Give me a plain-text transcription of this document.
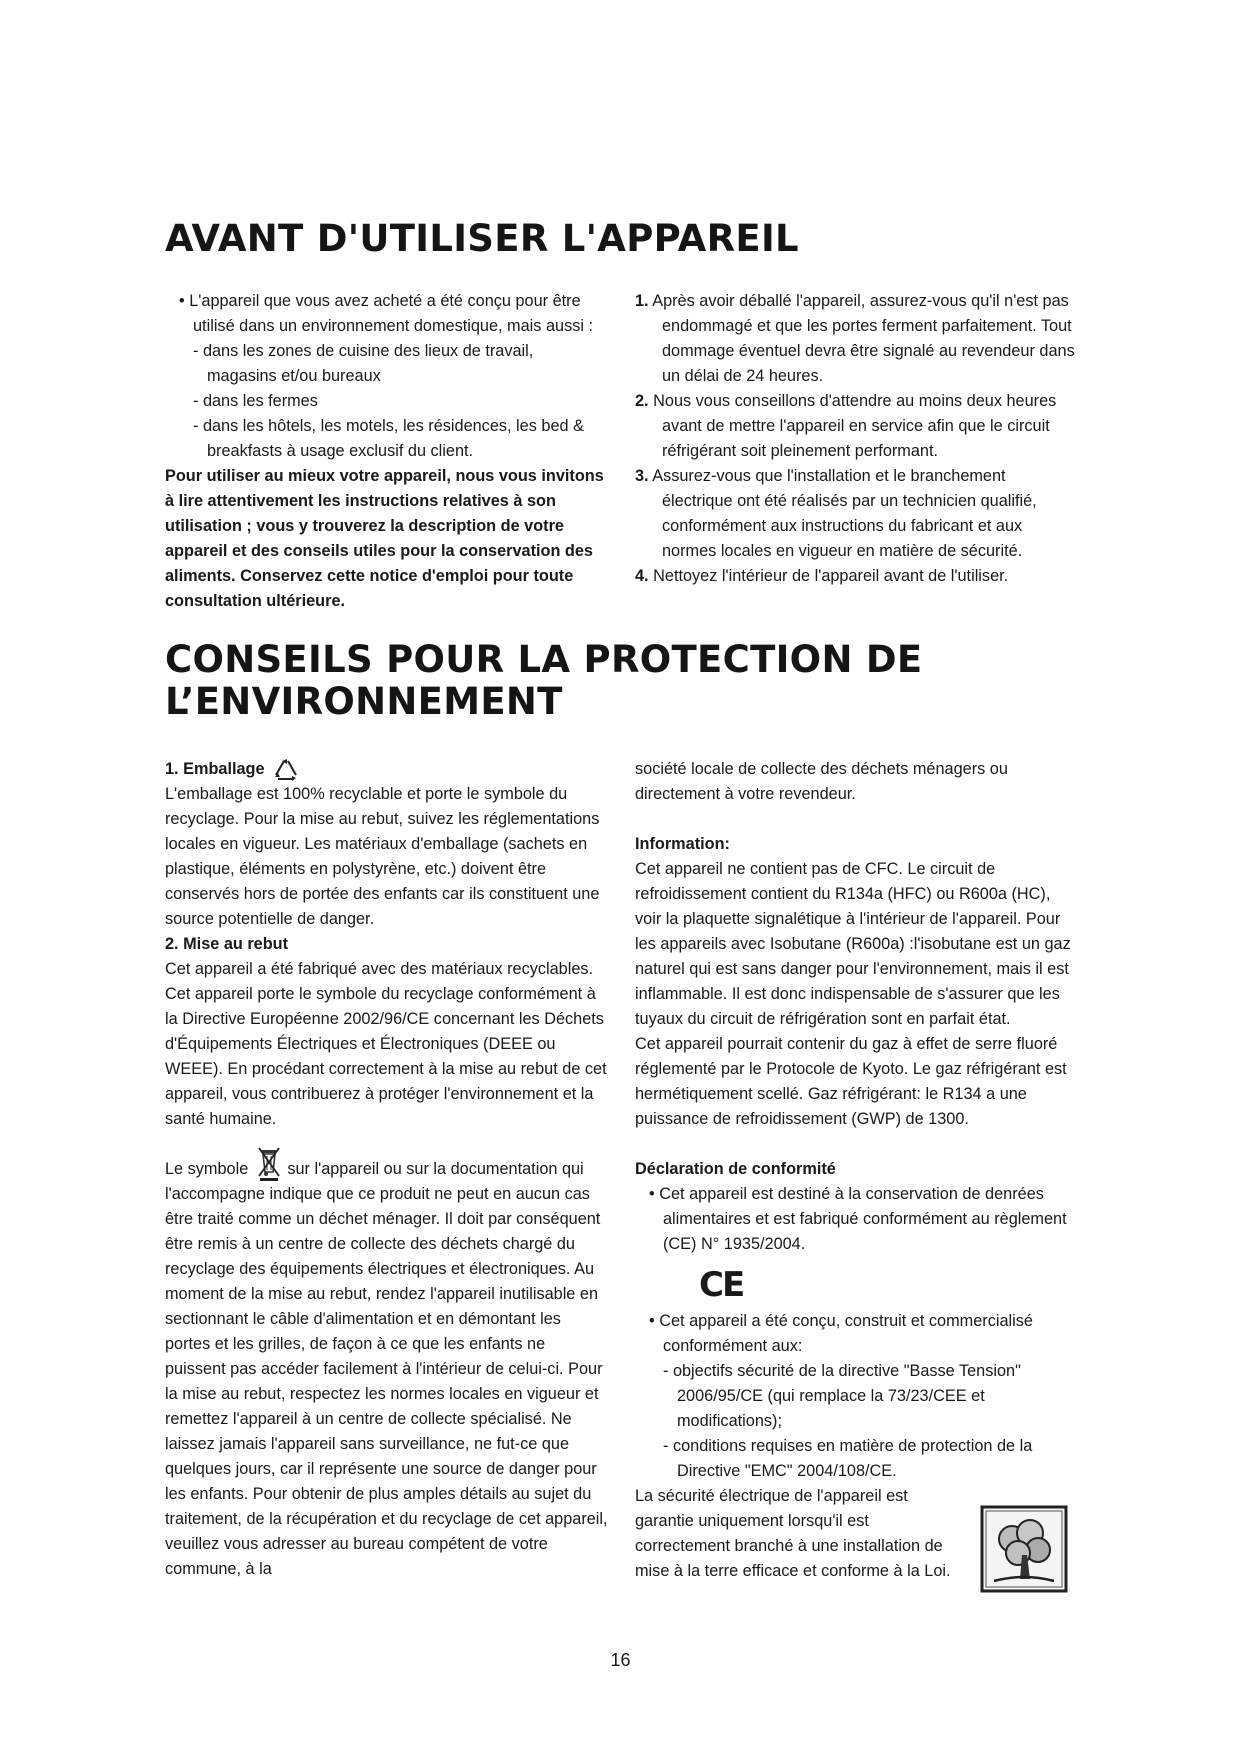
AVANT D'UTILISER L'APPAREIL

• L'appareil que vous avez acheté a été conçu pour être utilisé dans un environnement domestique, mais aussi :

- dans les zones de cuisine des lieux de travail, magasins et/ou bureaux

- dans les fermes

- dans les hôtels, les motels, les résidences, les bed & breakfasts à usage exclusif du client.

Pour utiliser au mieux votre appareil, nous vous invitons à lire attentivement les instructions relatives à son utilisation ; vous y trouverez la description de votre appareil et des conseils utiles pour la conservation des aliments. Conservez cette notice d'emploi pour toute consultation ultérieure.

1. Après avoir déballé l'appareil, assurez-vous qu'il n'est pas endommagé et que les portes ferment parfaitement. Tout dommage éventuel devra être signalé au revendeur dans un délai de 24 heures.

2. Nous vous conseillons d'attendre au moins deux heures avant de mettre l'appareil en service afin que le circuit réfrigérant soit pleinement performant.

3. Assurez-vous que l'installation et le branchement électrique ont été réalisés par un technicien qualifié, conformément aux instructions du fabricant et aux normes locales en vigueur en matière de sécurité.

4. Nettoyez l'intérieur de l'appareil avant de l'utiliser.

CONSEILS POUR LA PROTECTION DE
L’ENVIRONNEMENT

1. Emballage

L'emballage est 100% recyclable et porte le symbole du recyclage. Pour la mise au rebut, suivez les réglementations locales en vigueur. Les matériaux d'emballage (sachets en plastique, éléments en polystyrène, etc.) doivent être conservés hors de portée des enfants car ils constituent une source potentielle de danger.

2. Mise au rebut

Cet appareil a été fabriqué avec des matériaux recyclables. Cet appareil porte le symbole du recyclage conformément à la Directive Européenne 2002/96/CE concernant les Déchets d'Équipements Électriques et Électroniques (DEEE ou WEEE). En procédant correctement à la mise au rebut de cet appareil, vous contribuerez à protéger l'environnement et la santé humaine.

Le symbole sur l'appareil ou sur la documentation qui l'accompagne indique que ce produit ne peut en aucun cas être traité comme un déchet ménager. Il doit par conséquent être remis à un centre de collecte des déchets chargé du recyclage des équipements électriques et électroniques. Au moment de la mise au rebut, rendez l'appareil inutilisable en sectionnant le câble d'alimentation et en démontant les portes et les grilles, de façon à ce que les enfants ne puissent pas accéder facilement à l'intérieur de celui-ci. Pour la mise au rebut, respectez les normes locales en vigueur et remettez l'appareil à un centre de collecte spécialisé. Ne laissez jamais l'appareil sans surveillance, ne fut-ce que quelques jours, car il représente une source de danger pour les enfants. Pour obtenir de plus amples détails au sujet du traitement, de la récupération et du recyclage de cet appareil, veuillez vous adresser au bureau compétent de votre commune, à la

société locale de collecte des déchets ménagers ou directement à votre revendeur.

Information:

Cet appareil ne contient pas de CFC. Le circuit de refroidissement contient du R134a (HFC) ou R600a (HC), voir la plaquette signalétique à l'intérieur de l'appareil. Pour les appareils avec Isobutane (R600a) :l'isobutane est un gaz naturel qui est sans danger pour l'environnement, mais il est inflammable. Il est donc indispensable de s'assurer que les tuyaux du circuit de réfrigération sont en parfait état.

Cet appareil pourrait contenir du gaz à effet de serre fluoré réglementé par le Protocole de Kyoto. Le gaz réfrigérant est hermétiquement scellé. Gaz réfrigérant: le R134 a une puissance de refroidissement (GWP) de 1300.

Déclaration de conformité

• Cet appareil est destiné à la conservation de denrées alimentaires et est fabriqué conformément au règlement (CE) N° 1935/2004.

CE

• Cet appareil a été conçu, construit et commercialisé conformément aux:

- objectifs sécurité de la directive "Basse Tension" 2006/95/CE (qui remplace la 73/23/CEE et modifications);

- conditions requises en matière de protection de la Directive "EMC" 2004/108/CE.

La sécurité électrique de l'appareil est garantie uniquement lorsqu'il est correctement branché à une installation de mise à la terre efficace et conforme à la Loi.

16
